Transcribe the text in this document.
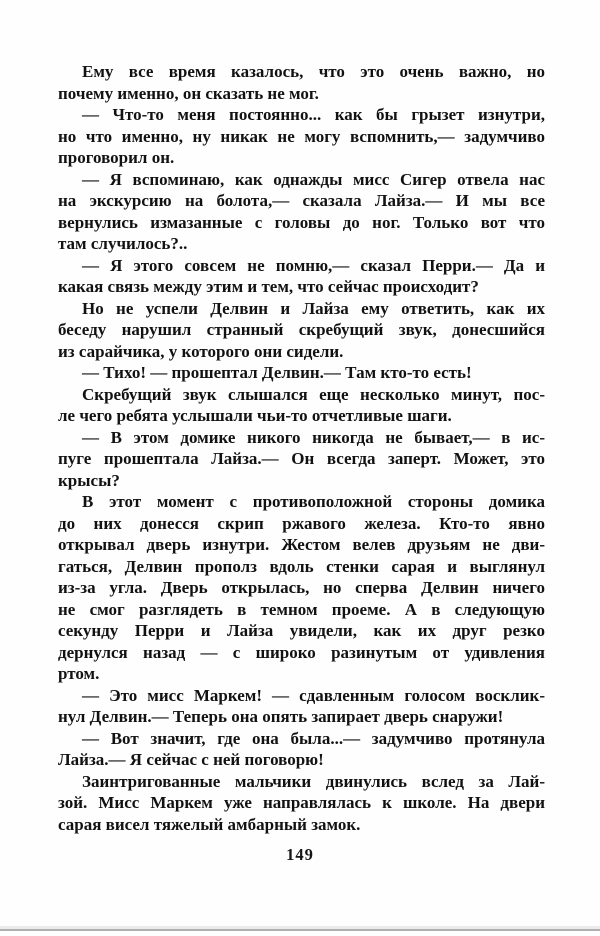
Ему все время казалось, что это очень важно, но
почему именно, он сказать не мог.
— Что-то меня постоянно... как бы грызет изнутри,
но что именно, ну никак не могу вспомнить,— задумчиво
проговорил он.
— Я вспоминаю, как однажды мисс Сигер отвела нас
на экскурсию на болота,— сказала Лайза.— И мы все
вернулись измазанные с головы до ног. Только вот что
там случилось?..
— Я этого совсем не помню,— сказал Перри.— Да и
какая связь между этим и тем, что сейчас происходит?
Но не успели Делвин и Лайза ему ответить, как их
беседу нарушил странный скребущий звук, донесшийся
из сарайчика, у которого они сидели.
— Тихо! — прошептал Делвин.— Там кто-то есть!
Скребущий звук слышался еще несколько минут, пос-
ле чего ребята услышали чьи-то отчетливые шаги.
— В этом домике никого никогда не бывает,— в ис-
пуге прошептала Лайза.— Он всегда заперт. Может, это
крысы?
В этот момент с противоположной стороны домика
до них донесся скрип ржавого железа. Кто-то явно
открывал дверь изнутри. Жестом велев друзьям не дви-
гаться, Делвин прополз вдоль стенки сарая и выглянул
из-за угла. Дверь открылась, но сперва Делвин ничего
не смог разглядеть в темном проеме. А в следующую
секунду Перри и Лайза увидели, как их друг резко
дернулся назад — с широко разинутым от удивления
ртом.
— Это мисс Маркем! — сдавленным голосом восклик-
нул Делвин.— Теперь она опять запирает дверь снаружи!
— Вот значит, где она была...— задумчиво протянула
Лайза.— Я сейчас с ней поговорю!
Заинтригованные мальчики двинулись вслед за Лай-
зой. Мисс Маркем уже направлялась к школе. На двери
сарая висел тяжелый амбарный замок.
149
